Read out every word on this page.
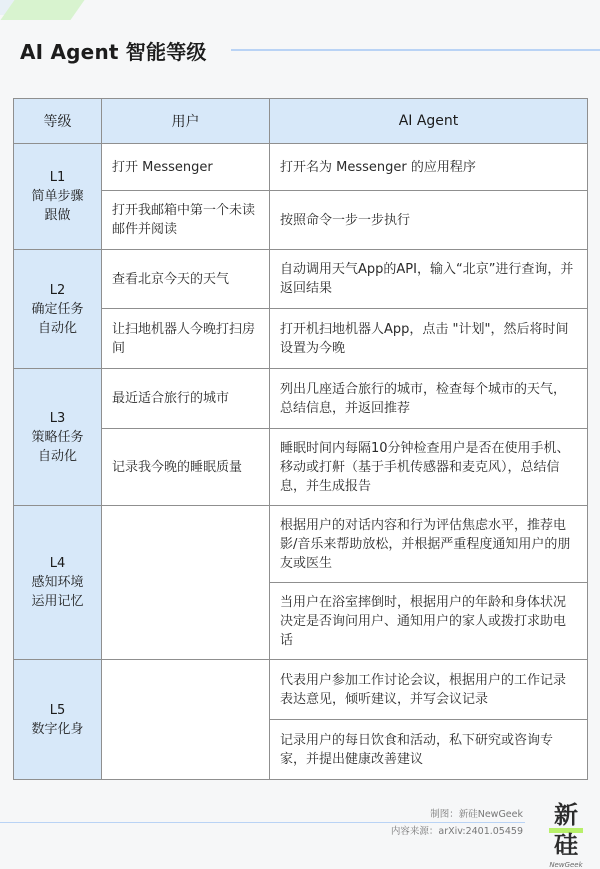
AI Agent 智能等级
等级	用户	AI Agent

L1
简单步骤
跟做	打开 Messenger	打开名为 Messenger 的应用程序
	打开我邮箱中第一个未读邮件并阅读	按照命令一步一步执行

L2
确定任务
自动化	查看北京今天的天气	自动调用天气App的API，输入“北京”进行查询，并返回结果
	让扫地机器人今晚打扫房间	打开机扫地机器人App，点击 "计划"，然后将时间设置为今晚

L3
策略任务
自动化	最近适合旅行的城市	列出几座适合旅行的城市，检查每个城市的天气，总结信息，并返回推荐
	记录我今晚的睡眠质量	睡眠时间内每隔10分钟检查用户是否在使用手机、移动或打鼾（基于手机传感器和麦克风），总结信息，并生成报告

L4
感知环境
运用记忆		根据用户的对话内容和行为评估焦虑水平，推荐电影/音乐来帮助放松，并根据严重程度通知用户的朋友或医生
		当用户在浴室摔倒时，根据用户的年龄和身体状况决定是否询问用户、通知用户的家人或拨打求助电话

L5
数字化身		代表用户参加工作讨论会议，根据用户的工作记录表达意见，倾听建议，并写会议记录
		记录用户的每日饮食和活动，私下研究或咨询专家，并提出健康改善建议
制图：新硅NewGeek
内容来源：arXiv:2401.05459
新硅
NewGeek
